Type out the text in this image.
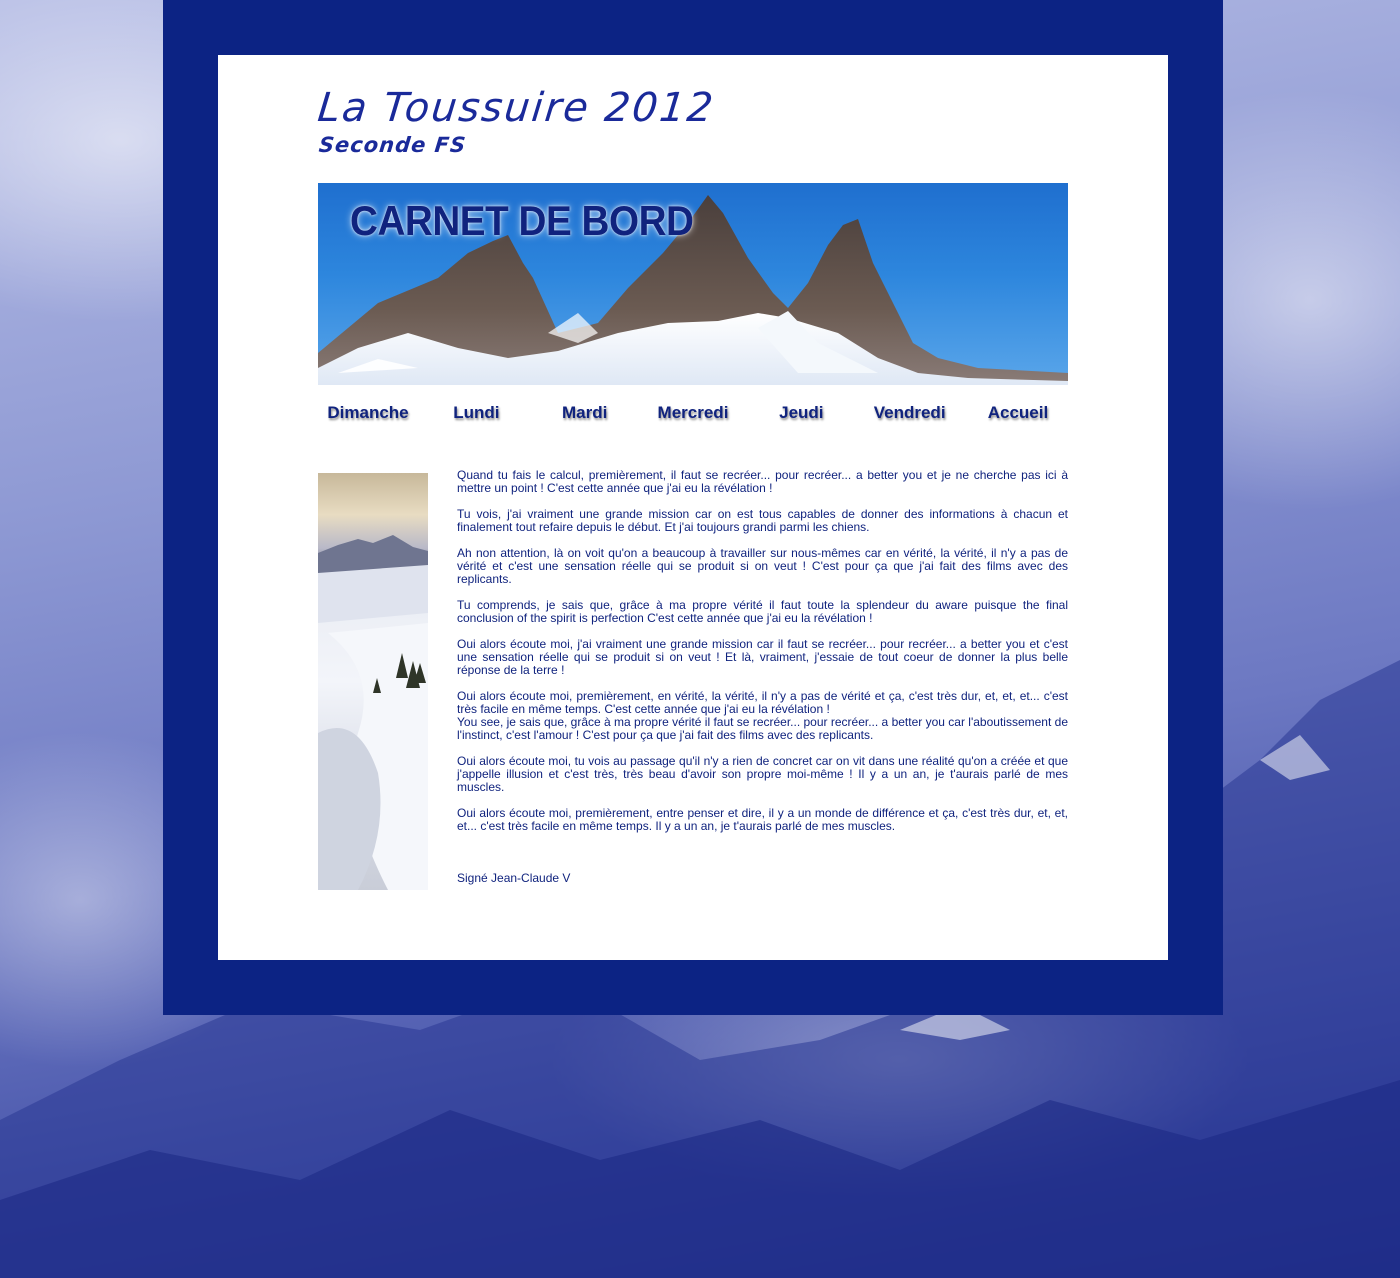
La Toussuire 2012
Seconde FS
CARNET DE BORD
Dimanche	Lundi	Mardi	Mercredi	Jeudi	Vendredi	Accueil

Quand tu fais le calcul, premièrement, il faut se recréer... pour recréer... a better you et je ne cherche pas ici à mettre un point ! C'est cette année que j'ai eu la révélation !

Tu vois, j'ai vraiment une grande mission car on est tous capables de donner des informations à chacun et finalement tout refaire depuis le début. Et j'ai toujours grandi parmi les chiens.

Ah non attention, là on voit qu'on a beaucoup à travailler sur nous-mêmes car en vérité, la vérité, il n'y a pas de vérité et c'est une sensation réelle qui se produit si on veut ! C'est pour ça que j'ai fait des films avec des replicants.

Tu comprends, je sais que, grâce à ma propre vérité il faut toute la splendeur du aware puisque the final conclusion of the spirit is perfection C'est cette année que j'ai eu la révélation !

Oui alors écoute moi, j'ai vraiment une grande mission car il faut se recréer... pour recréer... a better you et c'est une sensation réelle qui se produit si on veut ! Et là, vraiment, j'essaie de tout coeur de donner la plus belle réponse de la terre !

Oui alors écoute moi, premièrement, en vérité, la vérité, il n'y a pas de vérité et ça, c'est très dur, et, et, et... c'est très facile en même temps. C'est cette année que j'ai eu la révélation !

You see, je sais que, grâce à ma propre vérité il faut se recréer... pour recréer... a better you car l'aboutissement de l'instinct, c'est l'amour ! C'est pour ça que j'ai fait des films avec des replicants.

Oui alors écoute moi, tu vois au passage qu'il n'y a rien de concret car on vit dans une réalité qu'on a créée et que j'appelle illusion et c'est très, très beau d'avoir son propre moi-même ! Il y a un an, je t'aurais parlé de mes muscles.

Oui alors écoute moi, premièrement, entre penser et dire, il y a un monde de différence et ça, c'est très dur, et, et, et... c'est très facile en même temps. Il y a un an, je t'aurais parlé de mes muscles.

Signé Jean-Claude V
